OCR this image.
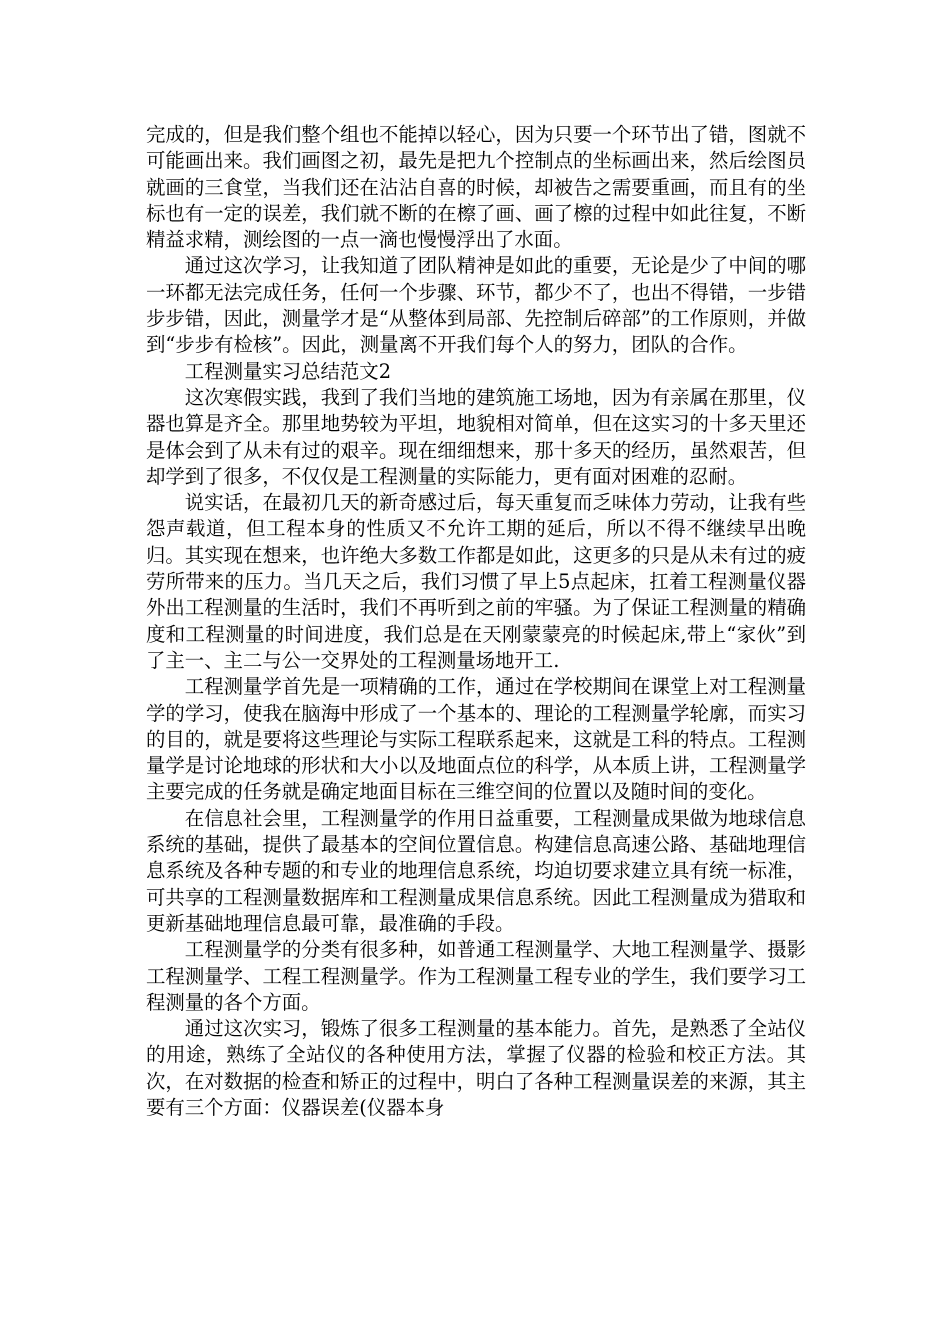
完成的，但是我们整个组也不能掉以轻心，因为只要一个环节出了错，图就不可能画出来。我们画图之初，最先是把九个控制点的坐标画出来，然后绘图员就画的三食堂，当我们还在沾沾自喜的时候，却被告之需要重画，而且有的坐标也有一定的误差，我们就不断的在檫了画、画了檫的过程中如此往复，不断精益求精，测绘图的一点一滴也慢慢浮出了水面。

通过这次学习，让我知道了团队精神是如此的重要，无论是少了中间的哪一环都无法完成任务，任何一个步骤、环节，都少不了，也出不得错，一步错步步错，因此，测量学才是“从整体到局部、先控制后碎部”的工作原则，并做到“步步有检核”。因此，测量离不开我们每个人的努力，团队的合作。

工程测量实习总结范文2

这次寒假实践，我到了我们当地的建筑施工场地，因为有亲属在那里，仪器也算是齐全。那里地势较为平坦，地貌相对简单，但在这实习的十多天里还是体会到了从未有过的艰辛。现在细细想来，那十多天的经历，虽然艰苦，但却学到了很多，不仅仅是工程测量的实际能力，更有面对困难的忍耐。

说实话，在最初几天的新奇感过后，每天重复而乏味体力劳动，让我有些怨声载道，但工程本身的性质又不允许工期的延后，所以不得不继续早出晚归。其实现在想来，也许绝大多数工作都是如此，这更多的只是从未有过的疲劳所带来的压力。当几天之后，我们习惯了早上5点起床，扛着工程测量仪器外出工程测量的生活时，我们不再听到之前的牢骚。为了保证工程测量的精确度和工程测量的时间进度，我们总是在天刚蒙蒙亮的时候起床,带上“家伙”到了主一、主二与公一交界处的工程测量场地开工.

工程测量学首先是一项精确的工作，通过在学校期间在课堂上对工程测量学的学习，使我在脑海中形成了一个基本的、理论的工程测量学轮廓，而实习的目的，就是要将这些理论与实际工程联系起来，这就是工科的特点。工程测量学是讨论地球的形状和大小以及地面点位的科学，从本质上讲，工程测量学主要完成的任务就是确定地面目标在三维空间的位置以及随时间的变化。

在信息社会里，工程测量学的作用日益重要，工程测量成果做为地球信息系统的基础，提供了最基本的空间位置信息。构建信息高速公路、基础地理信息系统及各种专题的和专业的地理信息系统，均迫切要求建立具有统一标准，可共享的工程测量数据库和工程测量成果信息系统。因此工程测量成为猎取和更新基础地理信息最可靠，最准确的手段。

工程测量学的分类有很多种，如普通工程测量学、大地工程测量学、摄影工程测量学、工程工程测量学。作为工程测量工程专业的学生，我们要学习工程测量的各个方面。

通过这次实习，锻炼了很多工程测量的基本能力。首先，是熟悉了全站仪的用途，熟练了全站仪的各种使用方法，掌握了仪器的检验和校正方法。其次，在对数据的检查和矫正的过程中，明白了各种工程测量误差的来源，其主要有三个方面：仪器误差(仪器本身
